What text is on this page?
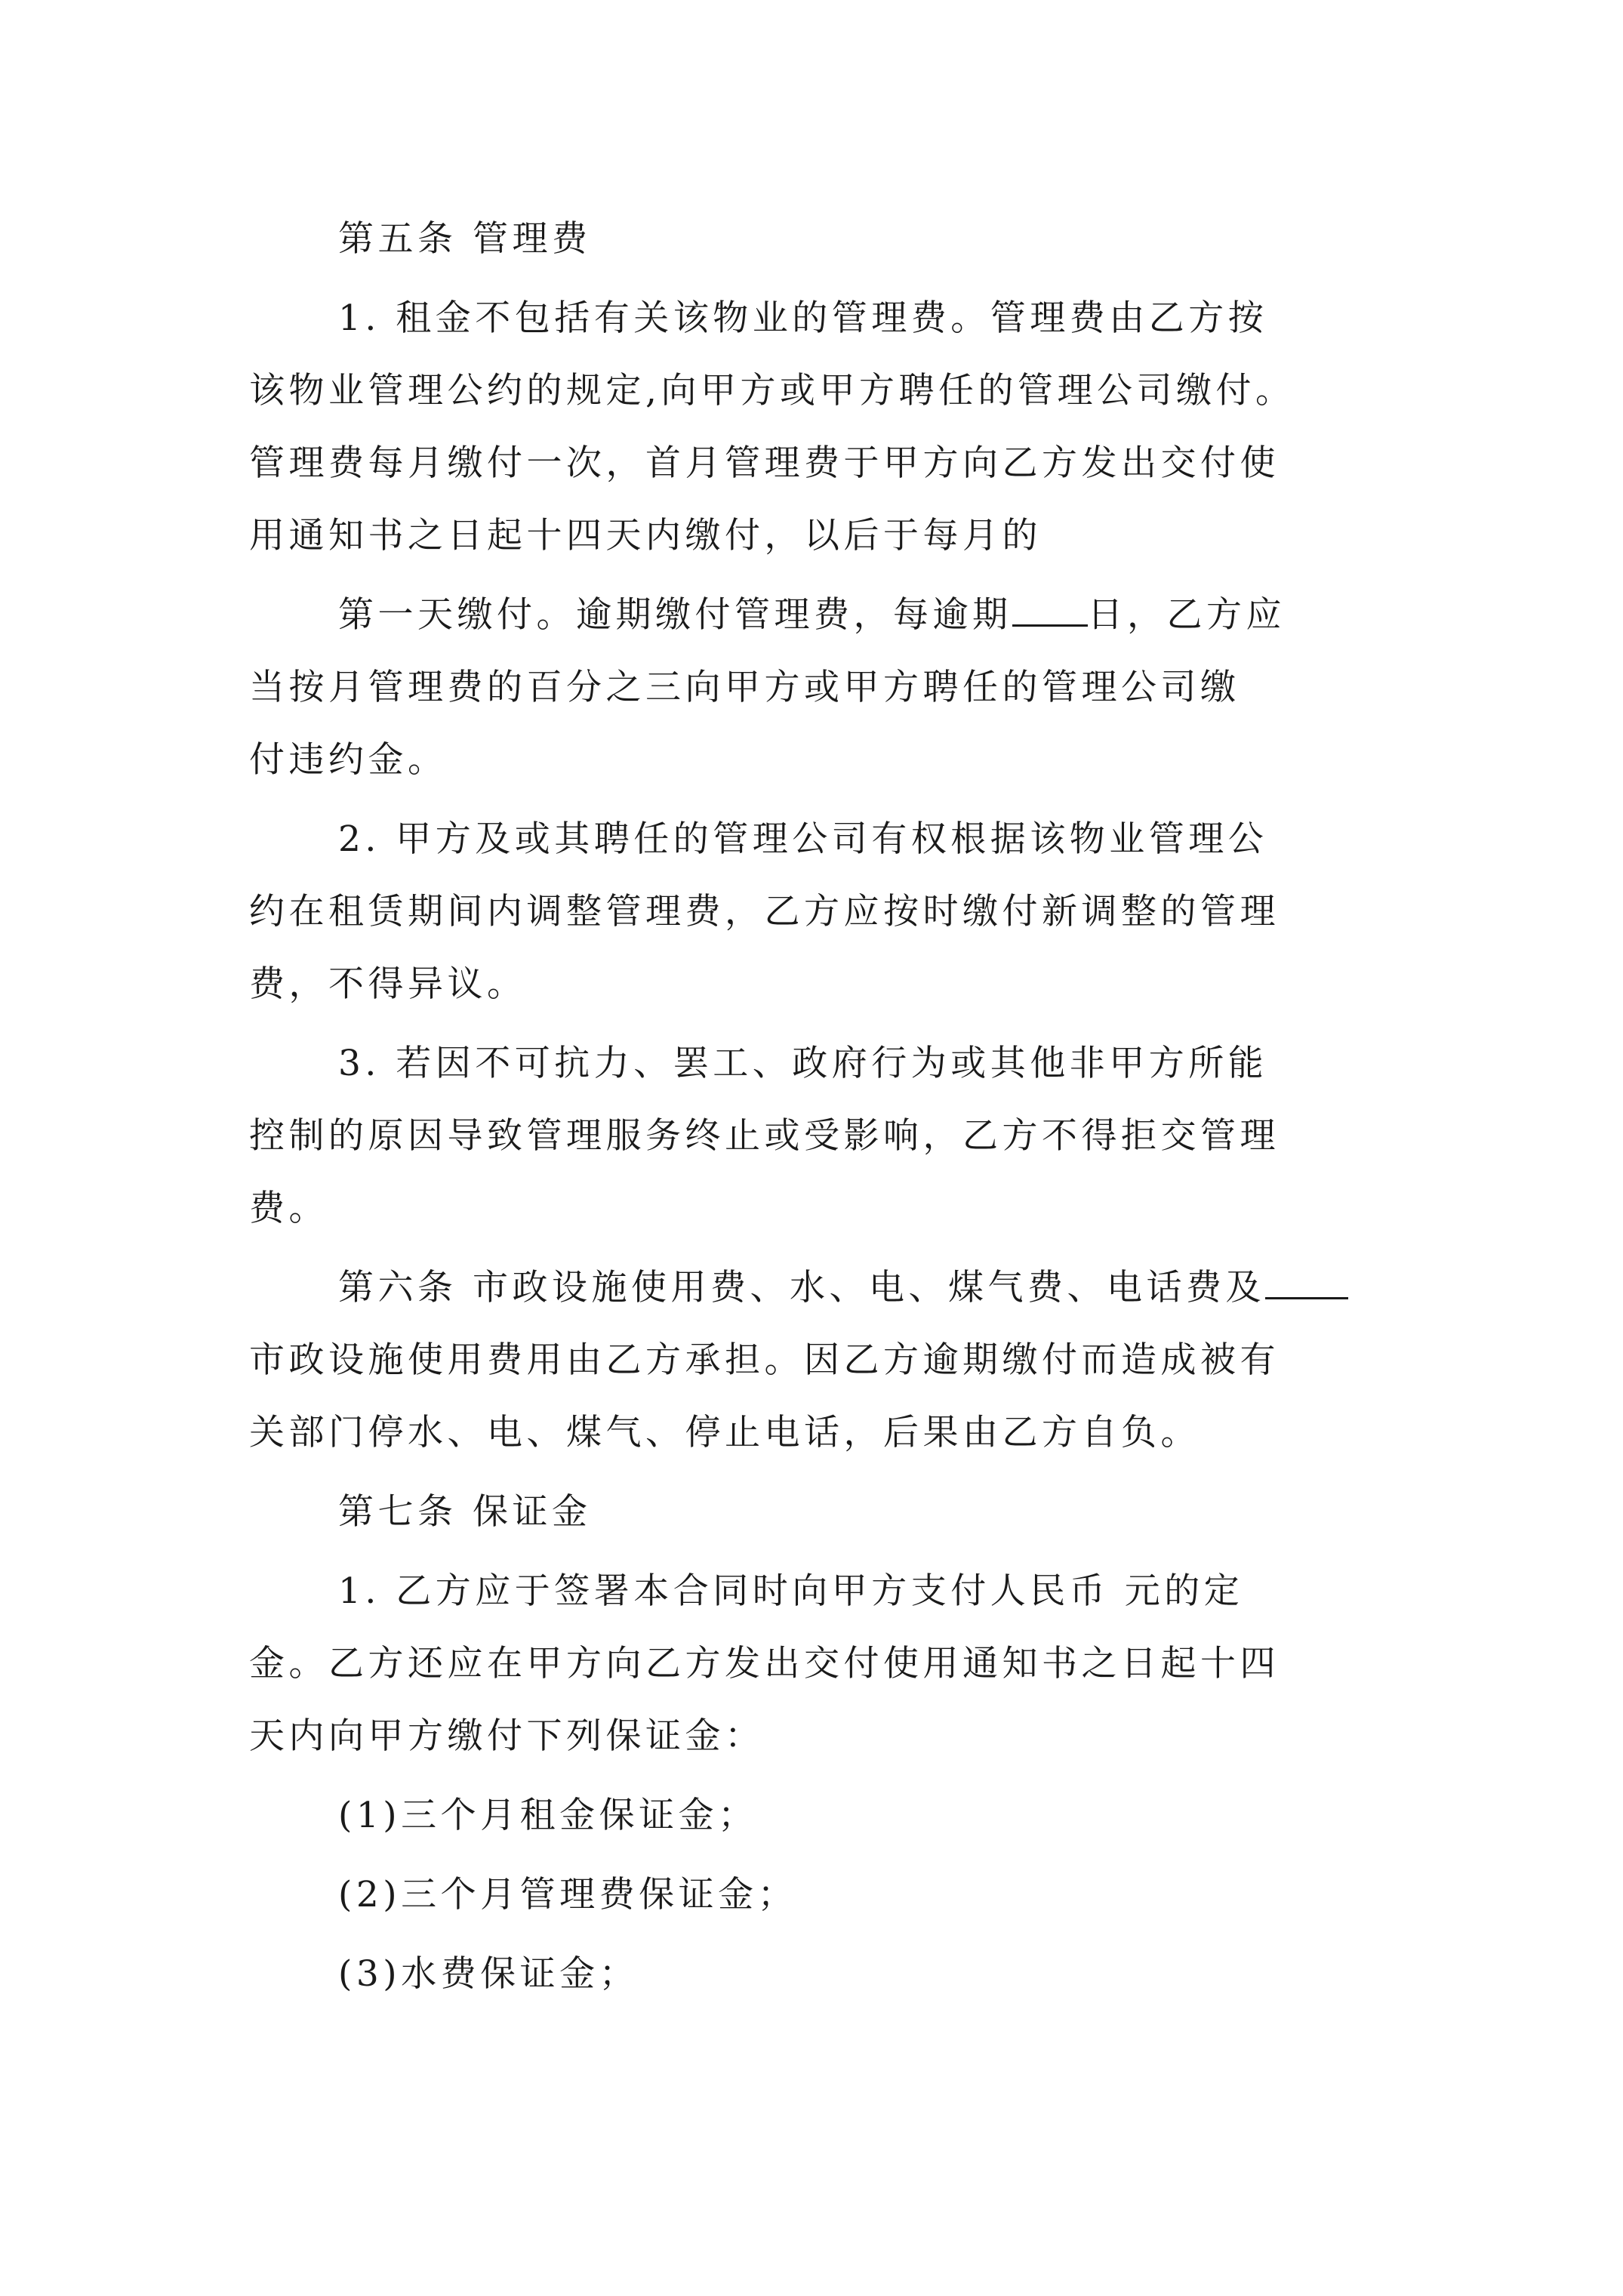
第五条 管理费

1. 租金不包括有关该物业的管理费。管理费由乙方按

该物业管理公约的规定,向甲方或甲方聘任的管理公司缴付。

管理费每月缴付一次，首月管理费于甲方向乙方发出交付使

用通知书之日起十四天内缴付，以后于每月的

第一天缴付。逾期缴付管理费，每逾期 日，乙方应

当按月管理费的百分之三向甲方或甲方聘任的管理公司缴

付违约金。

2. 甲方及或其聘任的管理公司有权根据该物业管理公

约在租赁期间内调整管理费，乙方应按时缴付新调整的管理

费，不得异议。

3. 若因不可抗力、罢工、政府行为或其他非甲方所能

控制的原因导致管理服务终止或受影响，乙方不得拒交管理

费。

第六条 市政设施使用费、水、电、煤气费、电话费及

市政设施使用费用由乙方承担。因乙方逾期缴付而造成被有

关部门停水、电、煤气、停止电话，后果由乙方自负。

第七条 保证金

1. 乙方应于签署本合同时向甲方支付人民币 元的定

金。乙方还应在甲方向乙方发出交付使用通知书之日起十四

天内向甲方缴付下列保证金：

(1)三个月租金保证金；

(2)三个月管理费保证金；

(3)水费保证金；
